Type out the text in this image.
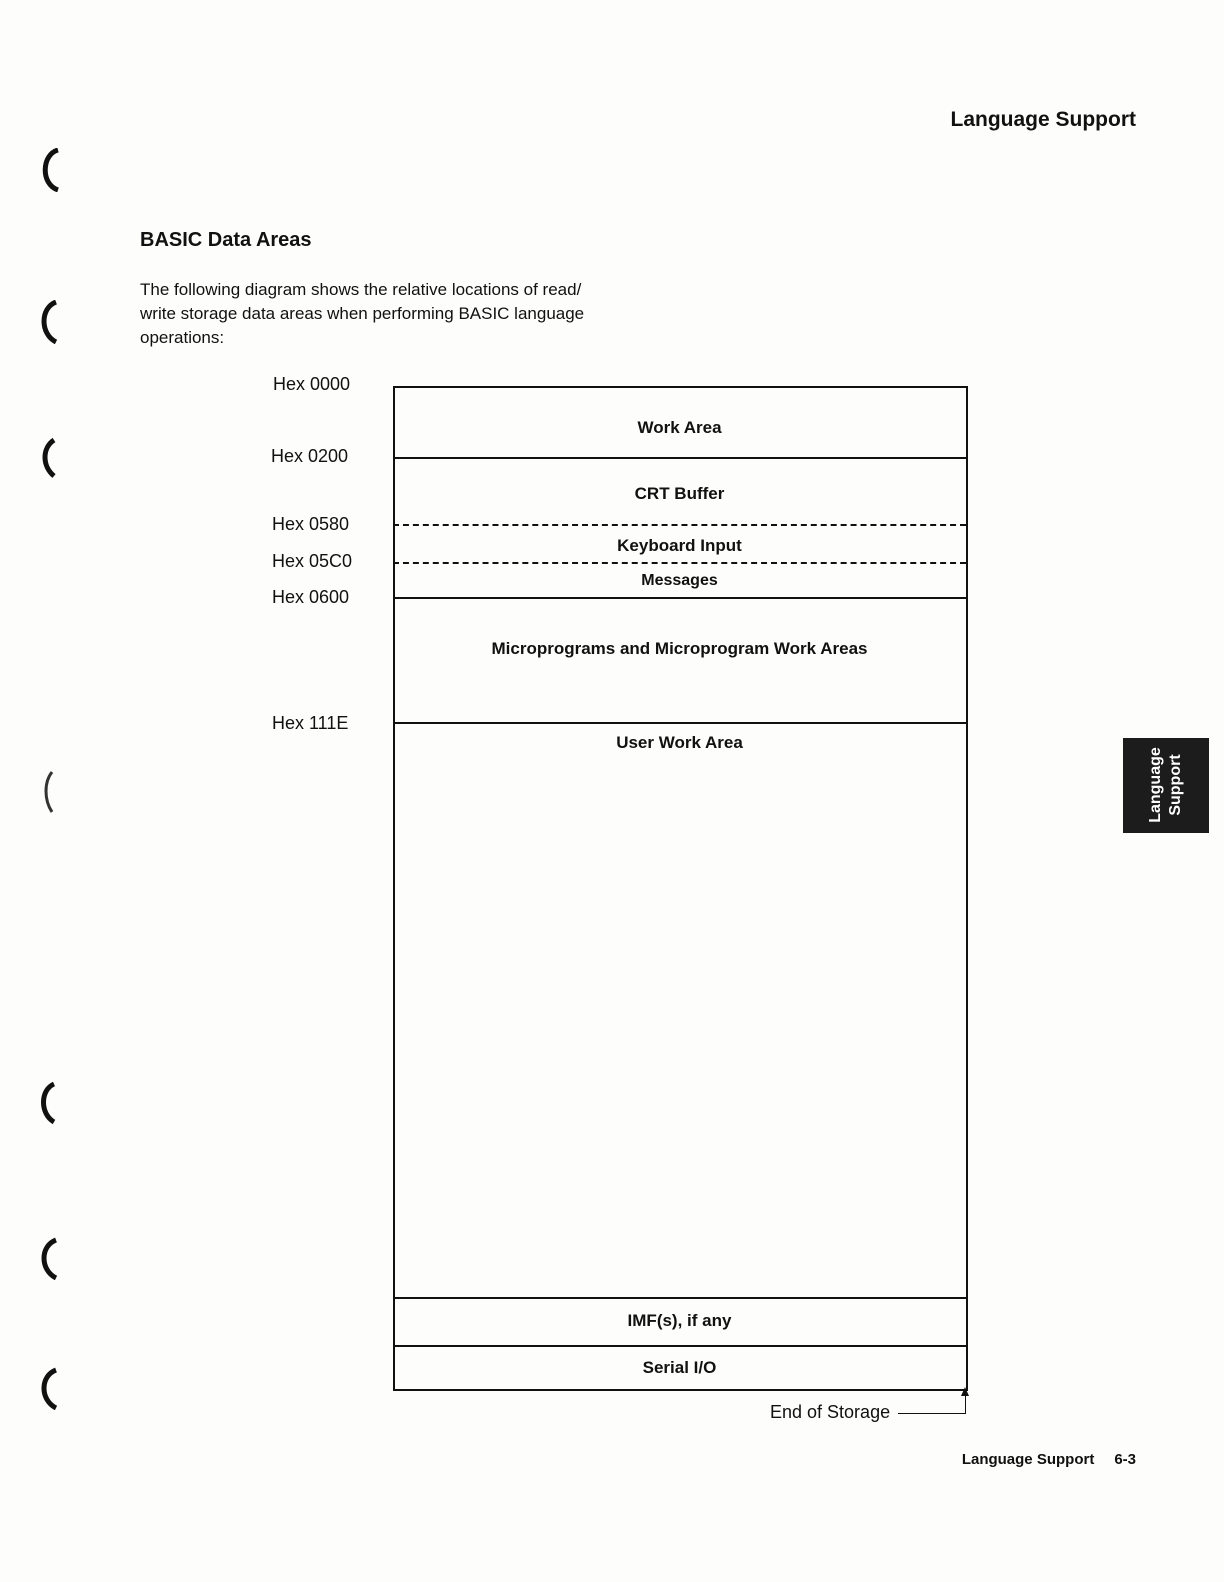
Language Support
BASIC Data Areas
The following diagram shows the relative locations of read/ write storage data areas when performing BASIC language operations:
Hex 0000
Hex 0200
Hex 0580
Hex 05C0
Hex 0600
Hex 111E
Work Area
CRT Buffer
Keyboard Input
Messages
Microprograms and Microprogram Work Areas
User Work Area
IMF(s), if any
Serial I/O
End of Storage
Language Support
Language Support 6-3
